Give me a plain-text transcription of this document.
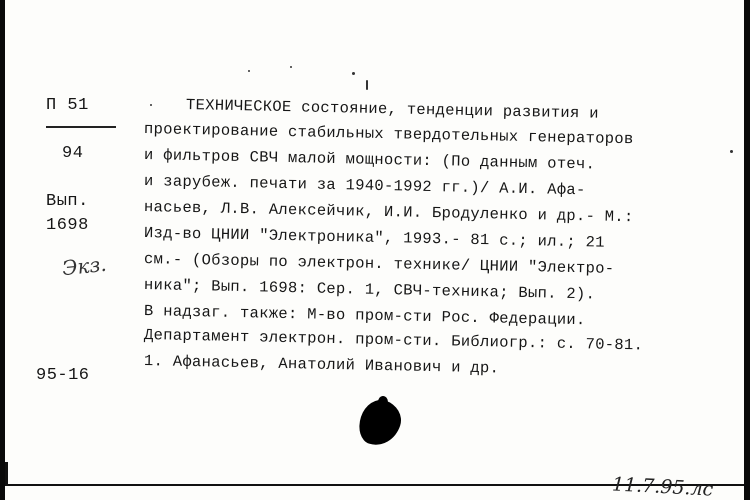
П 51
94
Вып.
1698
Экз.
95-16
ТЕХНИЧЕСКОЕ состояние, тенденции развития и
проектирование стабильных твердотельных генераторов
и фильтров СВЧ малой мощности: (По данным отеч.
и зарубеж. печати за 1940-1992 гг.)/ А.И. Афа-
насьев, Л.В. Алексейчик, И.И. Бродуленко и др.- М.:
Изд-во ЦНИИ "Электроника", 1993.- 81 с.; ил.; 21
см.- (Обзоры по электрон. технике/ ЦНИИ "Электро-
ника"; Вып. 1698: Сер. 1, СВЧ-техника; Вып. 2).
В надзаг. также: М-во пром-сти Рос. Федерации.
Департамент электрон. пром-сти. Библиогр.: с. 70-81.
1. Афанасьев, Анатолий Иванович и др.
11.7.95.лс
